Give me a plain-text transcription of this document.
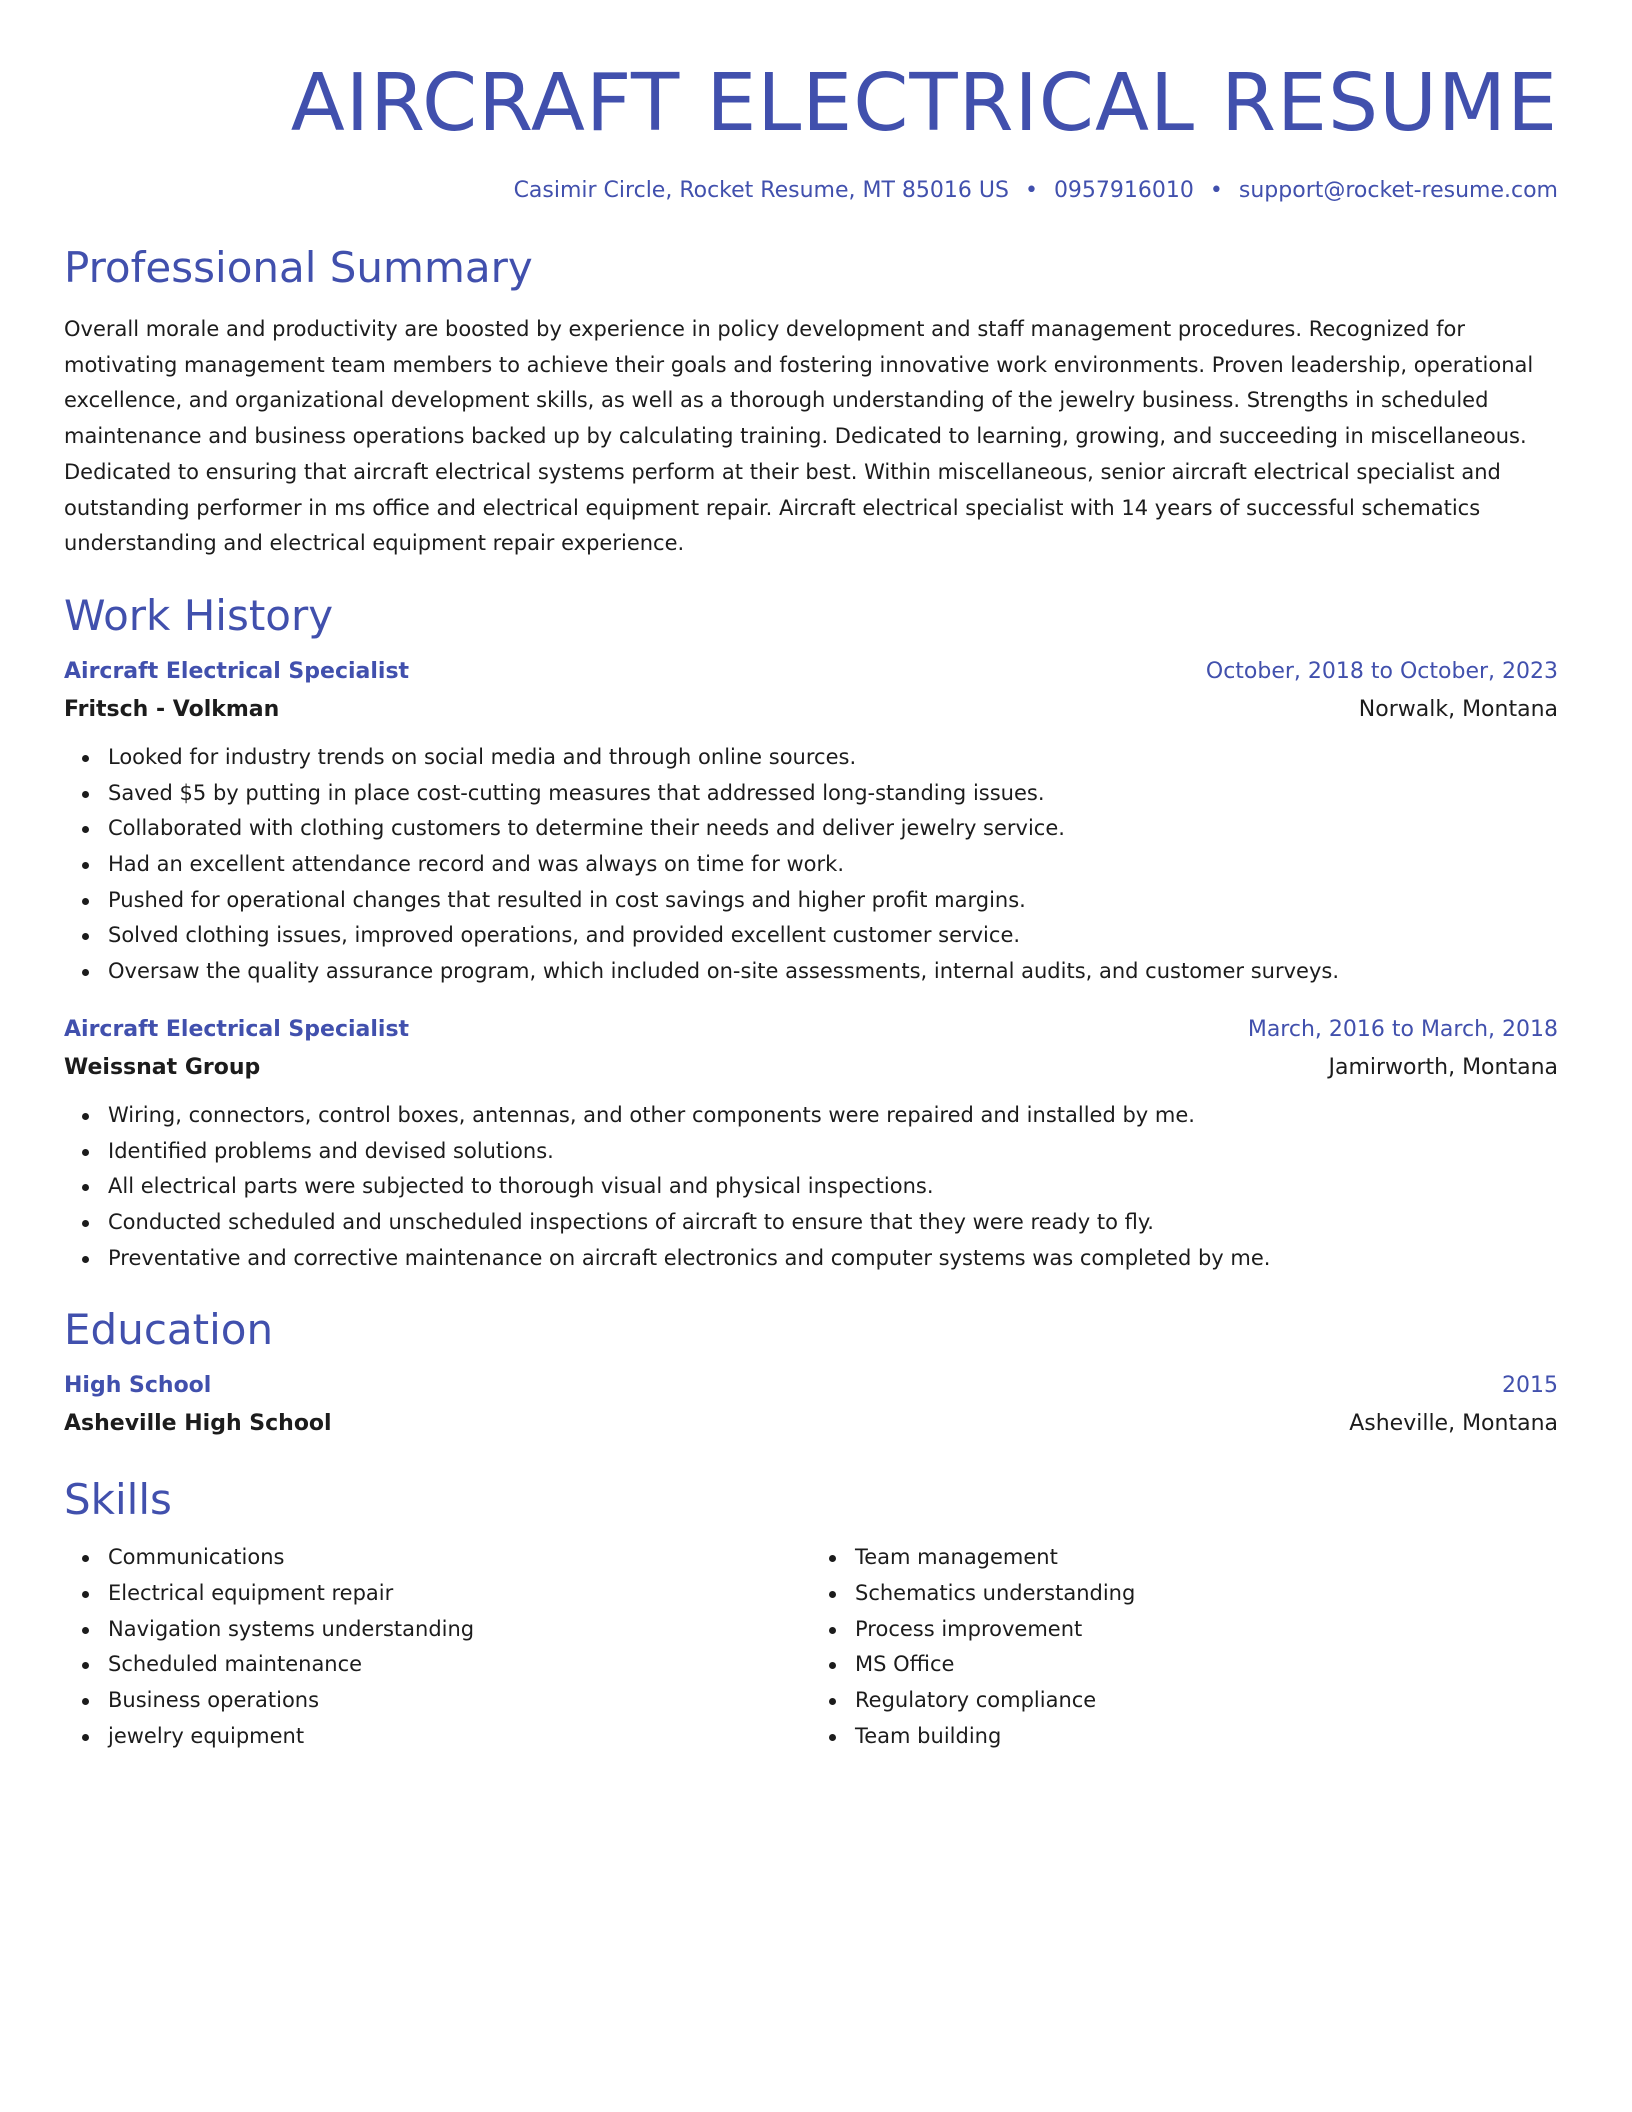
AIRCRAFT ELECTRICAL RESUME
Casimir Circle, Rocket Resume, MT 85016 US • 0957916010 • support@rocket-resume.com
Professional Summary
Overall morale and productivity are boosted by experience in policy development and staff management procedures. Recognized for motivating management team members to achieve their goals and fostering innovative work environments. Proven leadership, operational excellence, and organizational development skills, as well as a thorough understanding of the jewelry business. Strengths in scheduled maintenance and business operations backed up by calculating training. Dedicated to learning, growing, and succeeding in miscellaneous. Dedicated to ensuring that aircraft electrical systems perform at their best. Within miscellaneous, senior aircraft electrical specialist and outstanding performer in ms office and electrical equipment repair. Aircraft electrical specialist with 14 years of successful schematics understanding and electrical equipment repair experience.
Work History
Aircraft Electrical Specialist	October, 2018 to October, 2023
Fritsch - Volkman	Norwalk, Montana
Looked for industry trends on social media and through online sources.
Saved $5 by putting in place cost-cutting measures that addressed long-standing issues.
Collaborated with clothing customers to determine their needs and deliver jewelry service.
Had an excellent attendance record and was always on time for work.
Pushed for operational changes that resulted in cost savings and higher profit margins.
Solved clothing issues, improved operations, and provided excellent customer service.
Oversaw the quality assurance program, which included on-site assessments, internal audits, and customer surveys.
Aircraft Electrical Specialist	March, 2016 to March, 2018
Weissnat Group	Jamirworth, Montana
Wiring, connectors, control boxes, antennas, and other components were repaired and installed by me.
Identified problems and devised solutions.
All electrical parts were subjected to thorough visual and physical inspections.
Conducted scheduled and unscheduled inspections of aircraft to ensure that they were ready to fly.
Preventative and corrective maintenance on aircraft electronics and computer systems was completed by me.
Education
High School	2015
Asheville High School	Asheville, Montana
Skills
Communications
Electrical equipment repair
Navigation systems understanding
Scheduled maintenance
Business operations
jewelry equipment
Team management
Schematics understanding
Process improvement
MS Office
Regulatory compliance
Team building
